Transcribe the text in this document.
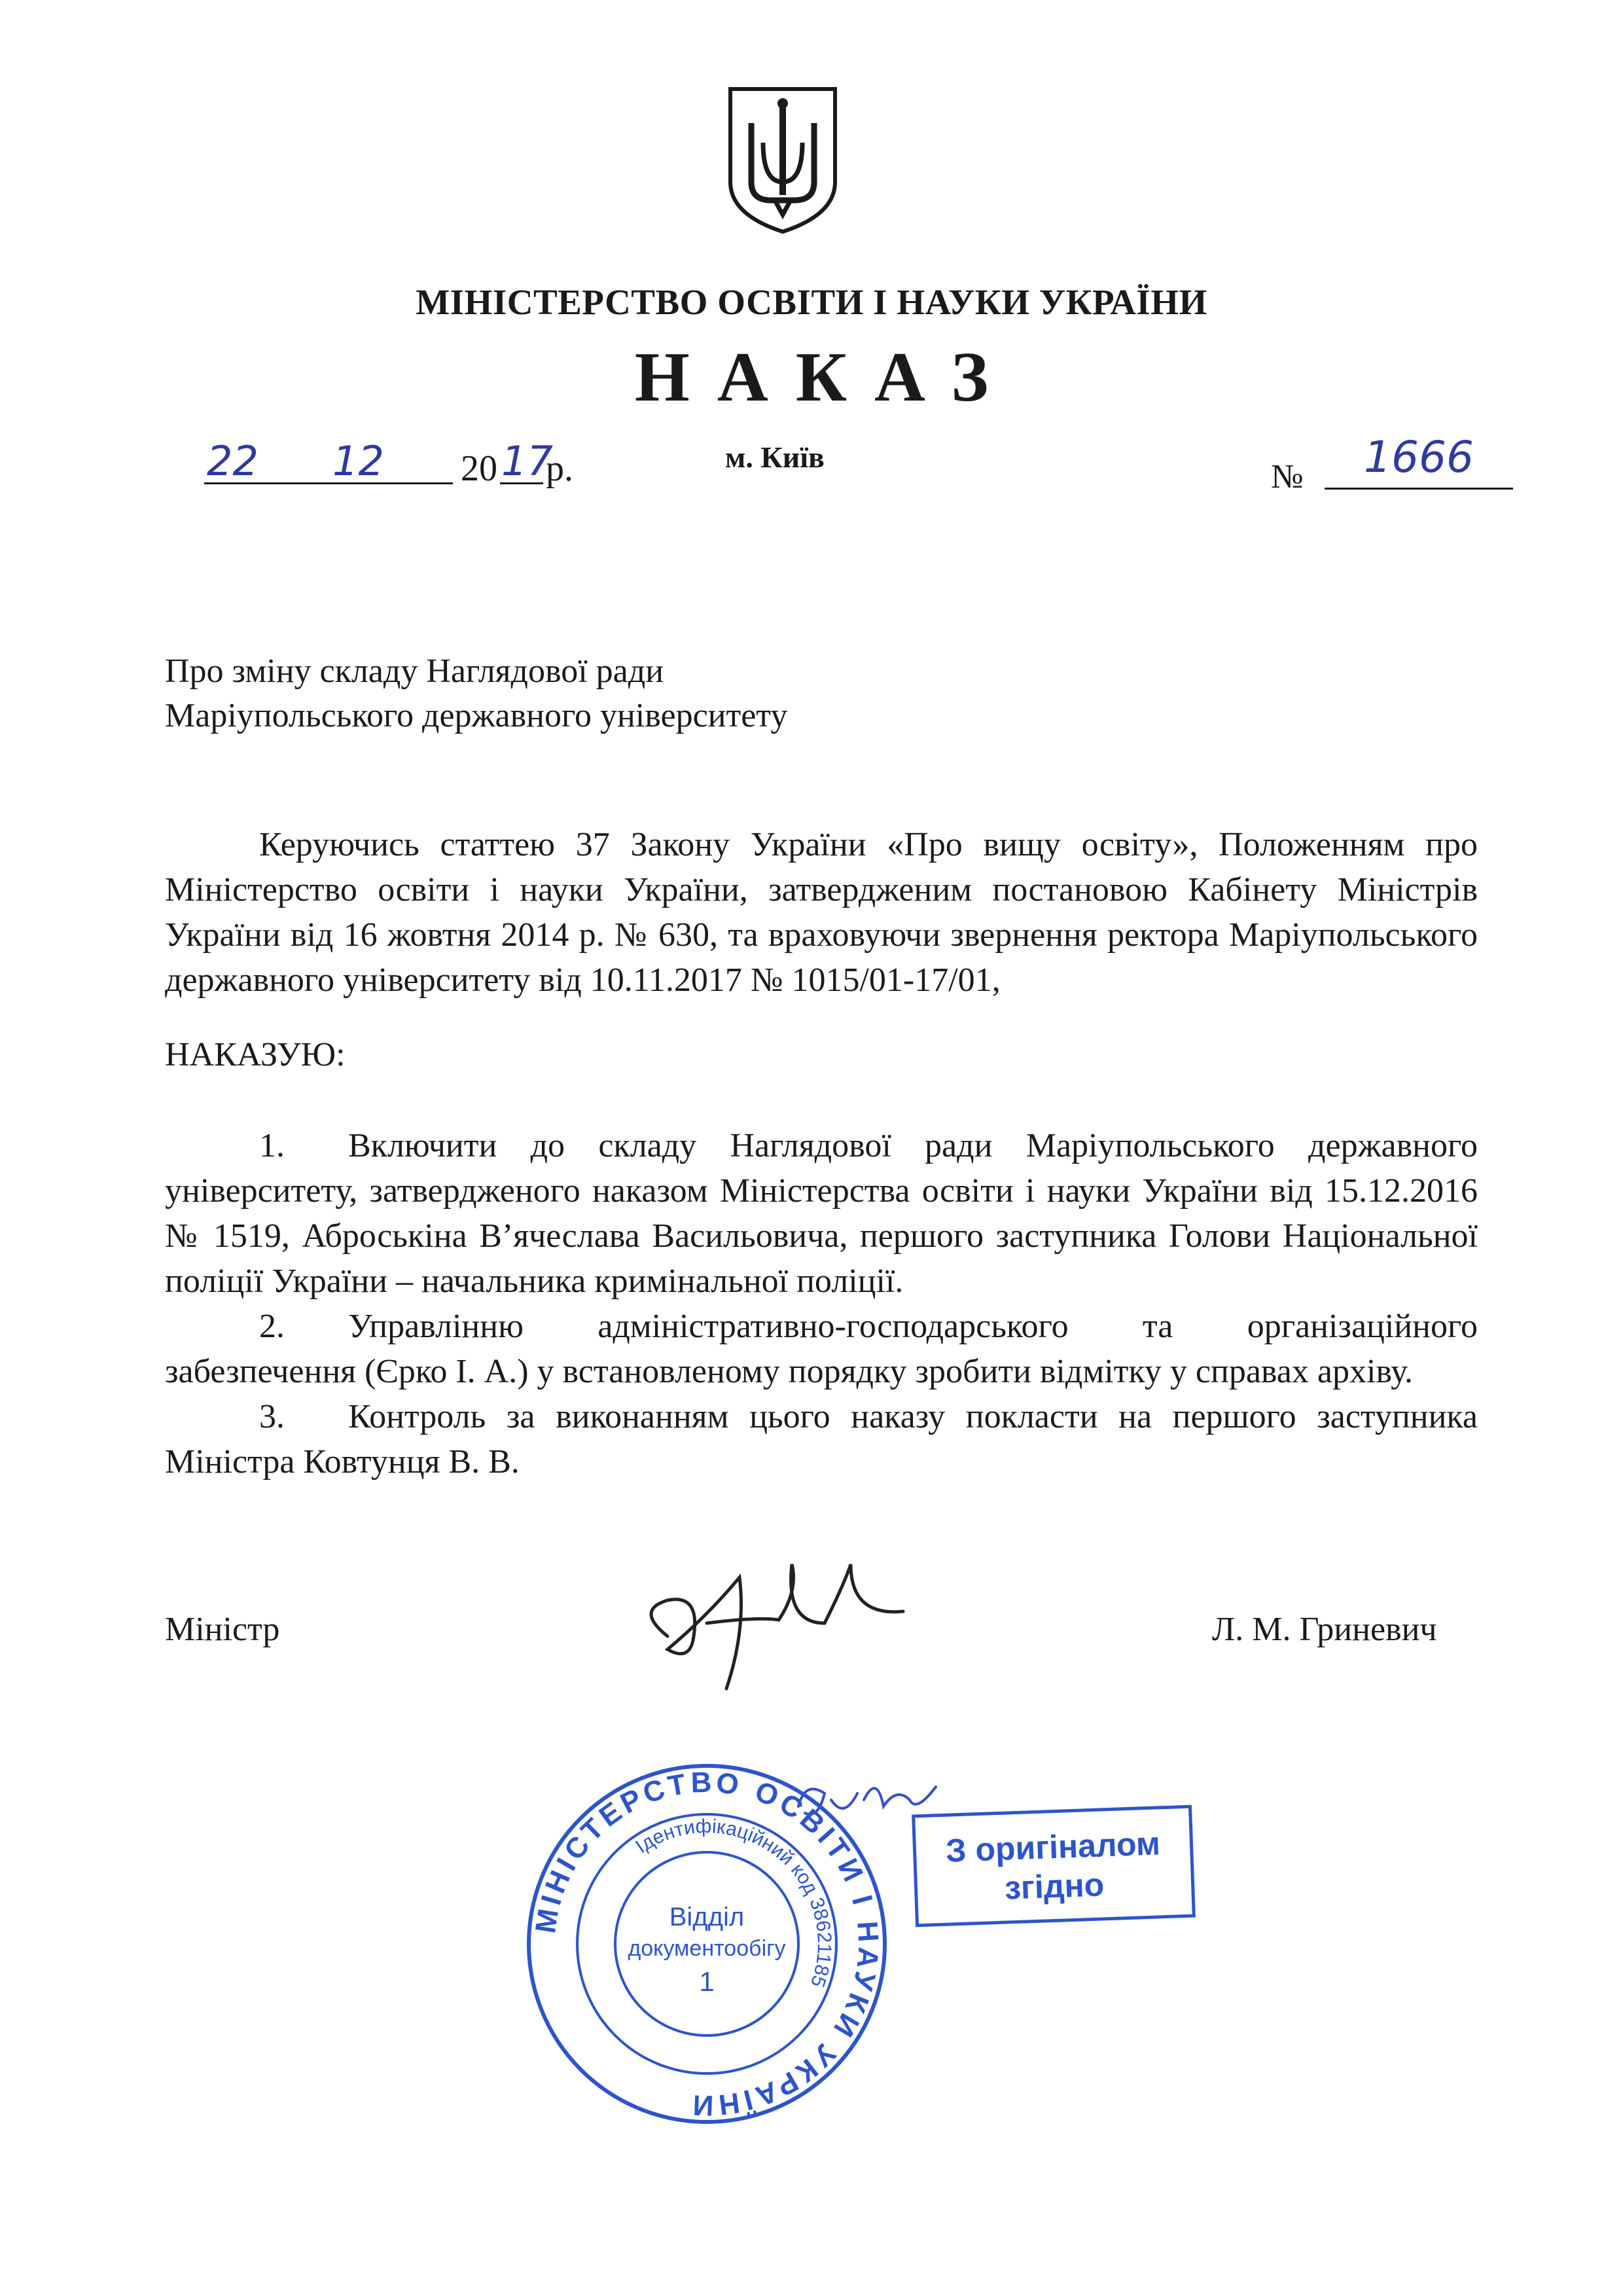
МІНІСТЕРСТВО ОСВІТИ І НАУКИ УКРАЇНИ
НАКАЗ
22 12 20 17
р.	м. Київ
№ 1666
Про зміну складу Наглядової ради
Маріупольського державного університету
Керуючись статтею 37 Закону України «Про вищу освіту», Положенням про Міністерство освіти і науки України, затвердженим постановою Кабінету Міністрів України від 16 жовтня 2014 р. № 630, та враховуючи звернення ректора Маріупольського державного університету від 10.11.2017 № 1015/01-17/01,
НАКАЗУЮ:

1. Включити до складу Наглядової ради Маріупольського державного університету, затвердженого наказом Міністерства освіти і науки України від 15.12.2016 № 1519, Аброськіна В’ячеслава Васильовича, першого заступника Голови Національної поліції України – начальника кримінальної поліції.

2. Управлінню адміністративно-господарського та організаційного забезпечення (Єрко І. А.) у встановленому порядку зробити відмітку у справах архіву.

3. Контроль за виконанням цього наказу покласти на першого заступника Міністра Ковтунця В. В.

Міністр	Л. М. Гриневич
МІНІСТЕРСТВО ОСВІТИ І НАУКИ УКРАЇНИ
Ідентифікаційний код 38621185
Відділ
документообігу
1
З оригіналом
згідно
